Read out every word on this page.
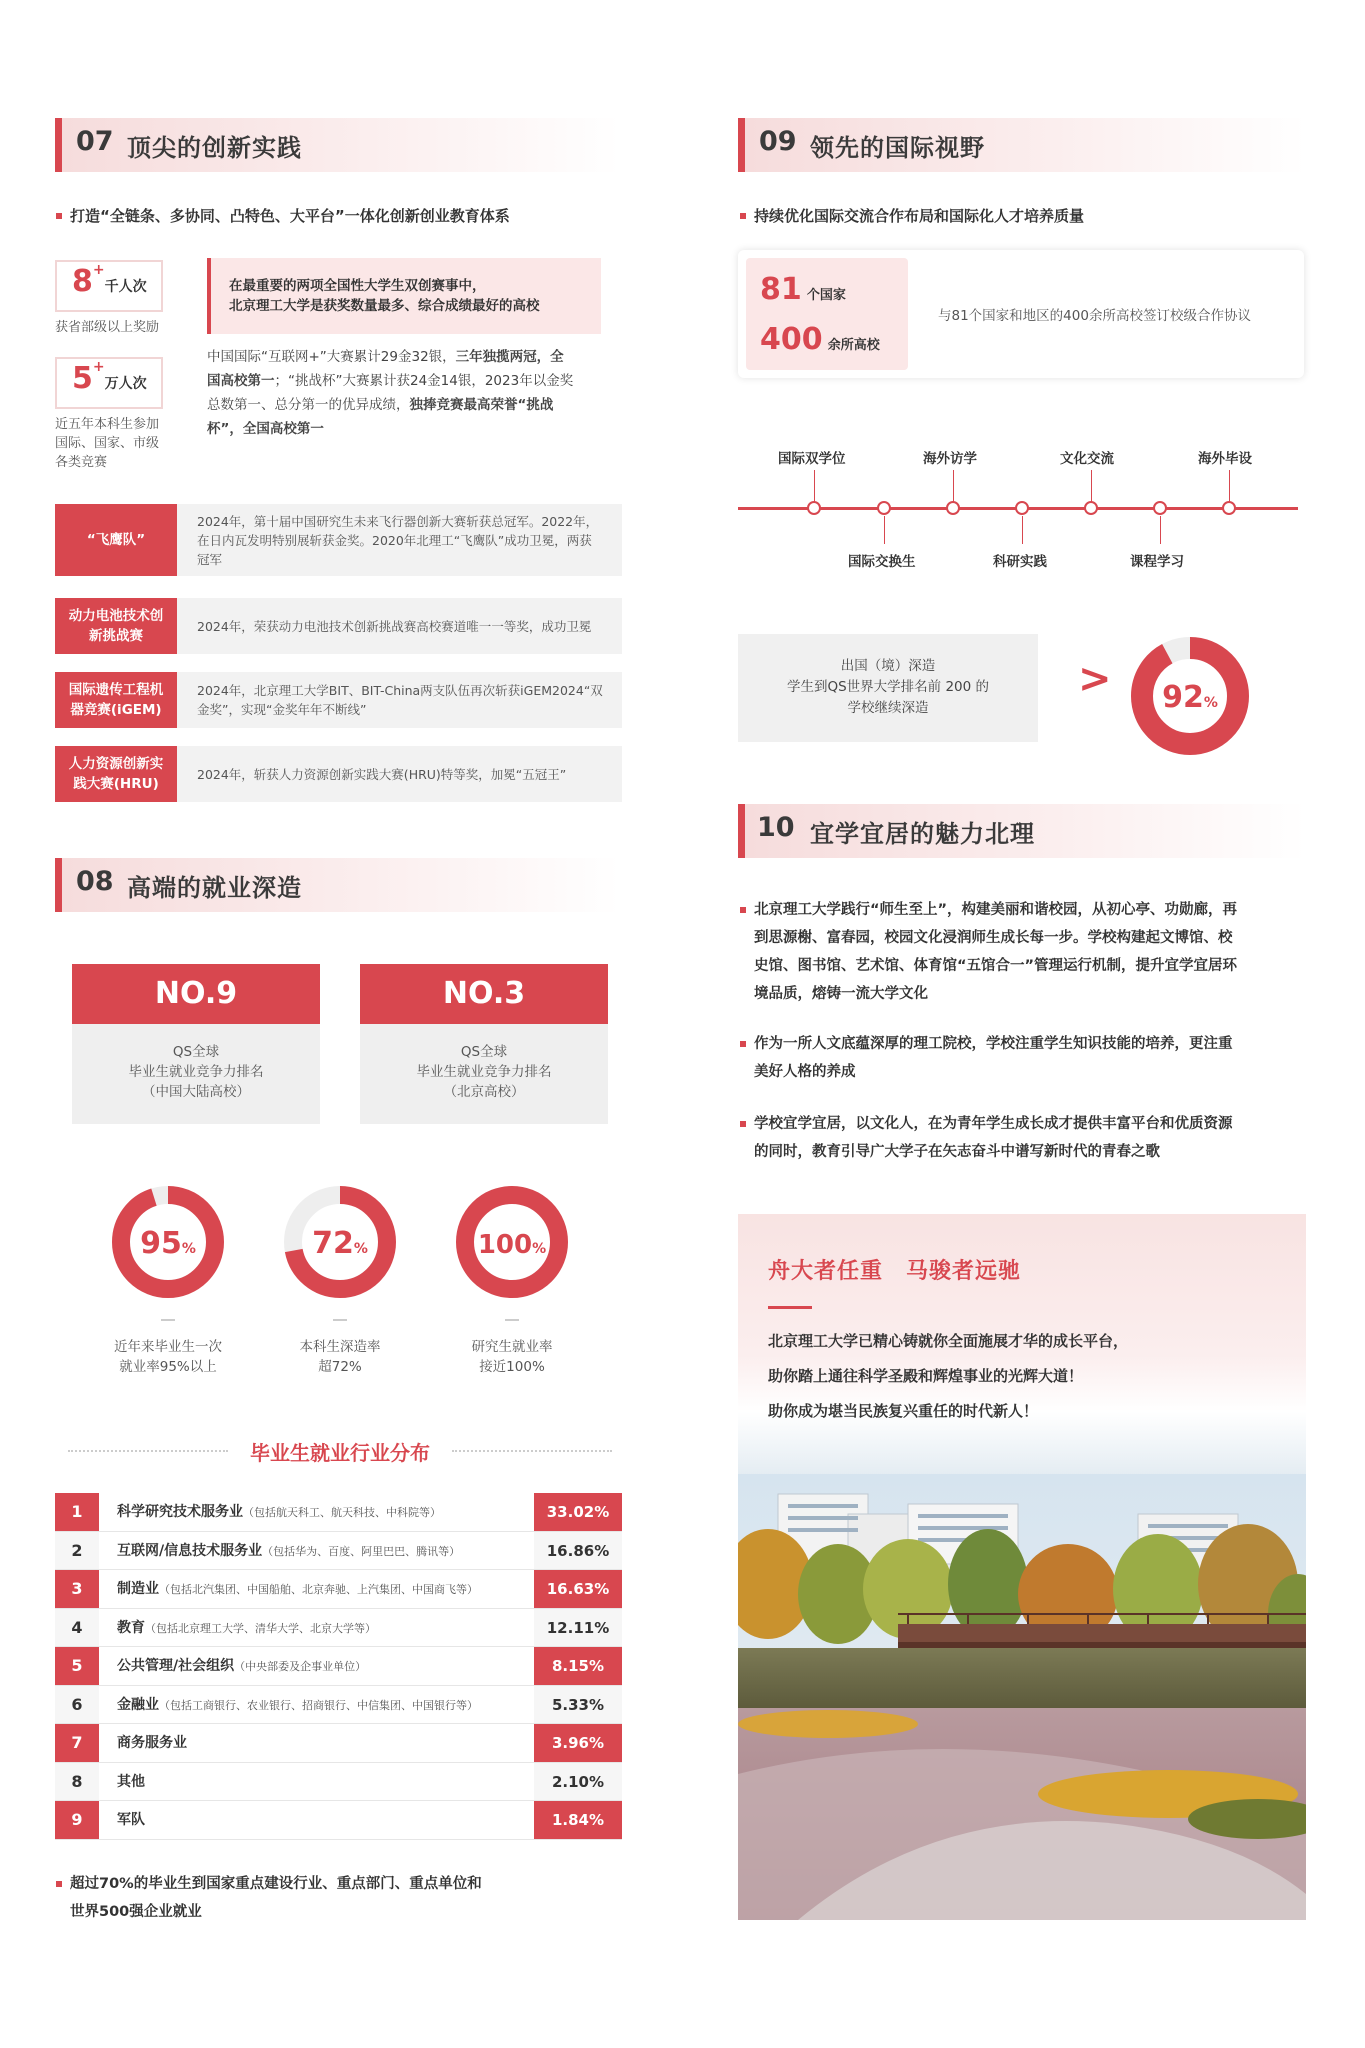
07 顶尖的创新实践
打造“全链条、多协同、凸特色、大平台”一体化创新创业教育体系
8+千人次
获省部级以上奖励
5+万人次
近五年本科生参加
国际、国家、市级
各类竞赛
在最重要的两项全国性大学生双创赛事中，
北京理工大学是获奖数量最多、综合成绩最好的高校
中国国际“互联网+”大赛累计29金32银，三年独揽两冠，全
国高校第一；“挑战杯”大赛累计获24金14银，2023年以金奖
总数第一、总分第一的优异成绩，独捧竞赛最高荣誉“挑战
杯”，全国高校第一
“飞鹰队”
2024年，第十届中国研究生未来飞行器创新大赛斩获总冠军。2022年，在日内瓦发明特别展斩获金奖。2020年北理工“飞鹰队”成功卫冕，两获冠军
动力电池技术创新挑战赛
2024年，荣获动力电池技术创新挑战赛高校赛道唯一一等奖，成功卫冕
国际遗传工程机器竞赛(iGEM)
2024年，北京理工大学BIT、BIT-China两支队伍再次斩获iGEM2024“双金奖”，实现“金奖年年不断线”
人力资源创新实践大赛(HRU)
2024年，斩获人力资源创新实践大赛(HRU)特等奖，加冕“五冠王”
08 高端的就业深造
NO.9
QS全球
毕业生就业竞争力排名
（中国大陆高校）
NO.3
QS全球
毕业生就业竞争力排名
（北京高校）
95%	72%	100%
近年来毕业生一次
就业率95%以上
本科生深造率
超72%
研究生就业率
接近100%
毕业生就业行业分布
1	科学研究技术服务业（包括航天科工、航天科技、中科院等）	33.02%
2	互联网/信息技术服务业（包括华为、百度、阿里巴巴、腾讯等）	16.86%
3	制造业（包括北汽集团、中国船舶、北京奔驰、上汽集团、中国商飞等）	16.63%
4	教育（包括北京理工大学、清华大学、北京大学等）	12.11%
5	公共管理/社会组织（中央部委及企事业单位）	8.15%
6	金融业（包括工商银行、农业银行、招商银行、中信集团、中国银行等）	5.33%
7	商务服务业	3.96%
8	其他	2.10%
9	军队	1.84%
超过70%的毕业生到国家重点建设行业、重点部门、重点单位和
世界500强企业就业
09 领先的国际视野
持续优化国际交流合作布局和国际化人才培养质量
81 个国家
400 余所高校
与81个国家和地区的400余所高校签订校级合作协议
国际双学位	海外访学	文化交流	海外毕设
国际交换生	科研实践	课程学习
出国（境）深造
学生到QS世界大学排名前 200 的
学校继续深造
> 92%
10 宜学宜居的魅力北理
北京理工大学践行“师生至上”，构建美丽和谐校园，从初心亭、功勋廊，再
到思源榭、富春园，校园文化浸润师生成长每一步。学校构建起文博馆、校
史馆、图书馆、艺术馆、体育馆“五馆合一”管理运行机制，提升宜学宜居环
境品质，熔铸一流大学文化
作为一所人文底蕴深厚的理工院校，学校注重学生知识技能的培养，更注重
美好人格的养成
学校宜学宜居，以文化人，在为青年学生成长成才提供丰富平台和优质资源
的同时，教育引导广大学子在矢志奋斗中谱写新时代的青春之歌
舟大者任重　马骏者远驰
北京理工大学已精心铸就你全面施展才华的成长平台，
助你踏上通往科学圣殿和辉煌事业的光辉大道！
助你成为堪当民族复兴重任的时代新人！
